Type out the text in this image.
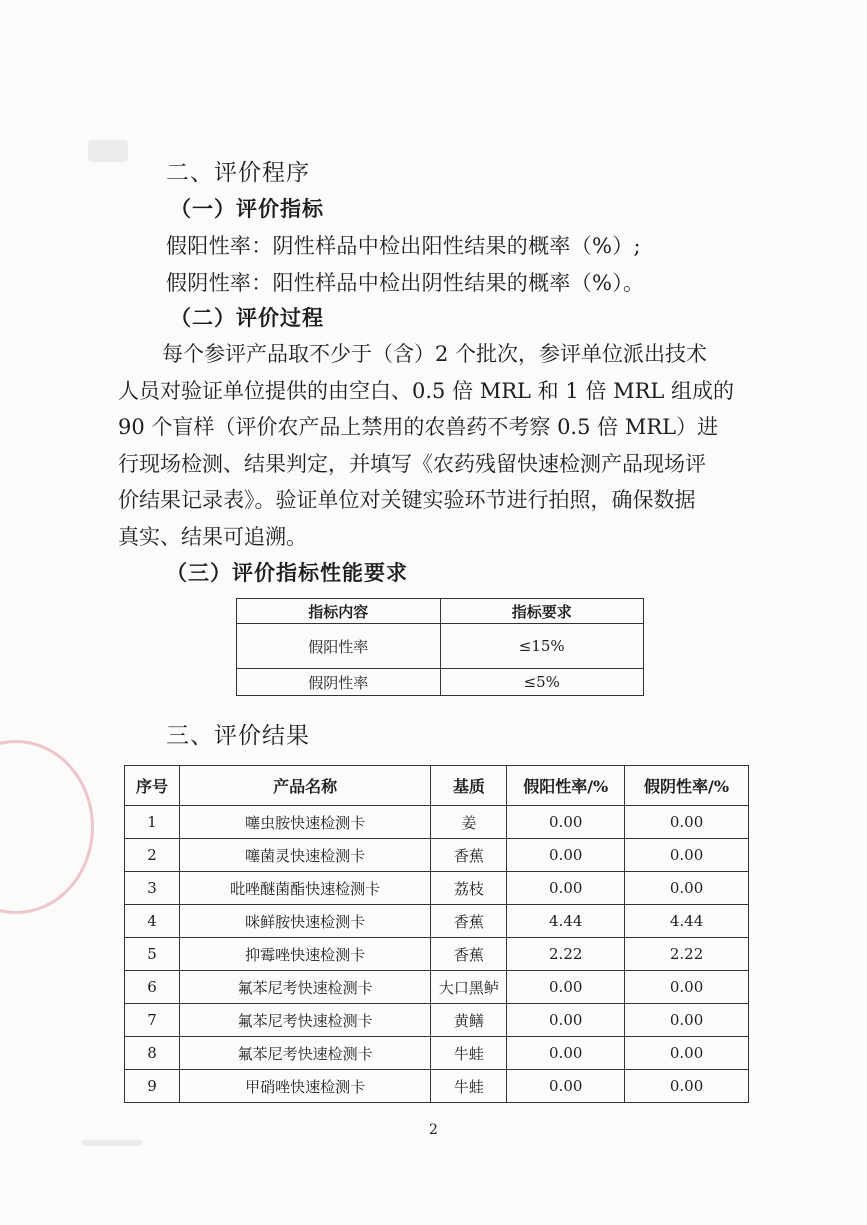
二、评价程序
（一）评价指标
假阳性率：阴性样品中检出阳性结果的概率（%）;
假阴性率：阳性样品中检出阴性结果的概率（%）。
（二）评价过程
每个参评产品取不少于（含）2 个批次，参评单位派出技术
人员对验证单位提供的由空白、0.5 倍 MRL 和 1 倍 MRL 组成的
90 个盲样（评价农产品上禁用的农兽药不考察 0.5 倍 MRL）进
行现场检测、结果判定，并填写《农药残留快速检测产品现场评
价结果记录表》。验证单位对关键实验环节进行拍照，确保数据
真实、结果可追溯。
（三）评价指标性能要求
指标内容	指标要求
假阳性率	≤15%
假阴性率	≤5%
三、评价结果
序号	产品名称	基质	假阳性率/%	假阴性率/%
1	噻虫胺快速检测卡	姜	0.00	0.00
2	噻菌灵快速检测卡	香蕉	0.00	0.00
3	吡唑醚菌酯快速检测卡	荔枝	0.00	0.00
4	咪鲜胺快速检测卡	香蕉	4.44	4.44
5	抑霉唑快速检测卡	香蕉	2.22	2.22
6	氟苯尼考快速检测卡	大口黑鲈	0.00	0.00
7	氟苯尼考快速检测卡	黄鳝	0.00	0.00
8	氟苯尼考快速检测卡	牛蛙	0.00	0.00
9	甲硝唑快速检测卡	牛蛙	0.00	0.00
2
